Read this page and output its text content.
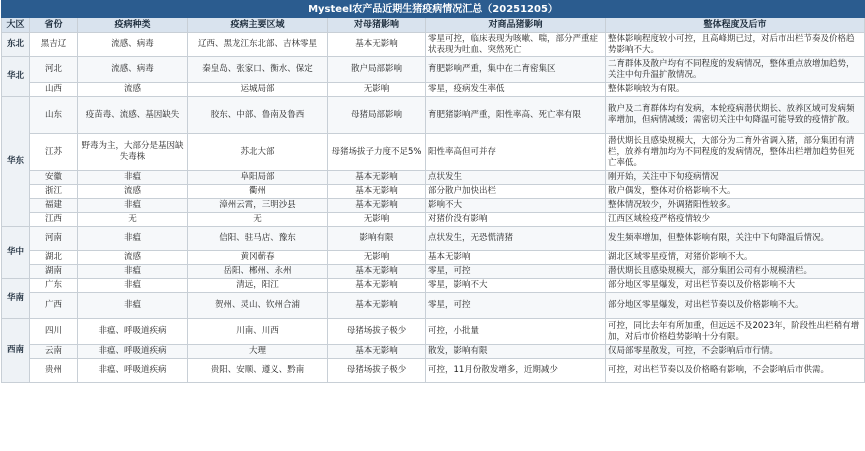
Mysteel农产品近期生猪疫病情况汇总（20251205）						
大区	省份	疫病种类	疫病主要区域	对母猪影响	对商品猪影响	整体程度及后市
东北	黑吉辽	流感、病毒	辽西、黑龙江东北部、吉林零星	基本无影响	零星可控，临床表现为咳嗽、喘，部分严重症状表现为吐血、突然死亡	整体影响程度较小可控，且高峰期已过，对后市出栏节奏及价格趋势影响不大。
华北	河北	流感、病毒	秦皇岛、张家口、衡水、保定	散户局部影响	育肥影响严重，集中在二育密集区	二育群体及散户均有不同程度的发病情况，整体重点放增加趋势，关注中旬升温扩散情况。
	山西	流感	运城局部	无影响	零星，疫病发生率低	整体影响较为有限。
华东	山东	疫苗毒、流感、基因缺失	胶东、中部、鲁南及鲁西	母猪局部影响	育肥猪影响严重，阳性率高、死亡率有限	散户及二育群体均有发病，本轮疫病潜伏期长、放养区域可发病频率增加，但病情减缓；需密切关注中旬降温可能导致的疫情扩散。
	江苏	野毒为主，大部分是基因缺失毒株	苏北大部	母猪场拔子力度不足5%	阳性率高但可并存	潜伏期长且感染规模大，大部分为二育外省调入猪，部分集团有清栏，放养有增加均为不同程度的发病情况，整体出栏增加趋势但死亡率低。
	安徽	非瘟	阜阳局部	基本无影响	点状发生	刚开始，关注中下旬疫病情况
	浙江	流感	衢州	基本无影响	部分散户加快出栏	散户偶发，整体对价格影响不大。
	福建	非瘟	漳州云霄，三明沙县	基本无影响	影响不大	整体情况较少，外调猪阳性较多。
	江西	无	无	无影响	对猪价没有影响	江西区域检疫严格疫情较少
华中	河南	非瘟	信阳、驻马店、豫东	影响有限	点状发生，无恐慌清猪	发生频率增加，但整体影响有限，关注中下旬降温后情况。
	湖北	流感	黄冈蕲春	无影响	基本无影响	湖北区域零星疫情，对猪价影响不大。
	湖南	非瘟	岳阳、郴州、永州	基本无影响	零星，可控	潜伏期长且感染规模大，部分集团公司有小规模清栏。
华南	广东	非瘟	清远，阳江	基本无影响	零星，影响不大	部分地区零星爆发，对出栏节奏以及价格影响不大
	广西	非瘟	贺州、灵山、钦州合浦	基本无影响	零星，可控	部分地区零星爆发，对出栏节奏以及价格影响不大。
西南	四川	非瘟、呼吸道疾病	川南、川西	母猪场拔子极少	可控，小批量	可控，同比去年有所加重，但远远不及2023年，阶段性出栏稍有增加，对后市价格趋势影响十分有限。
	云南	非瘟、呼吸道疾病	大理	基本无影响	散发，影响有限	仅局部零星散发，可控，不会影响后市行情。
	贵州	非瘟、呼吸道疾病	贵阳、安顺、遵义、黔南	母猪场拔子极少	可控，11月份散发增多，近期减少	可控，对出栏节奏以及价格略有影响，不会影响后市供需。
